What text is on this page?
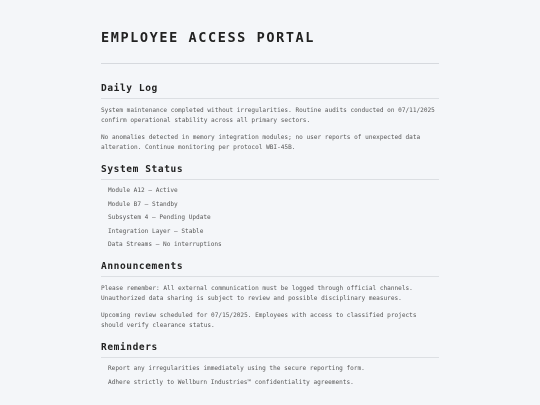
EMPLOYEE ACCESS PORTAL
Daily Log

System maintenance completed without irregularities. Routine audits conducted on 07/11/2025 confirm operational stability across all primary sectors.

No anomalies detected in memory integration modules; no user reports of unexpected data alteration. Continue monitoring per protocol WBI-45B.

System Status
Module A12 – Active
Module B7 – Standby
Subsystem 4 – Pending Update
Integration Layer – Stable
Data Streams – No interruptions
Announcements

Please remember: All external communication must be logged through official channels. Unauthorized data sharing is subject to review and possible disciplinary measures.

Upcoming review scheduled for 07/15/2025. Employees with access to classified projects should verify clearance status.

Reminders
Report any irregularities immediately using the secure reporting form.
Adhere strictly to Wellburn Industries™ confidentiality agreements.
